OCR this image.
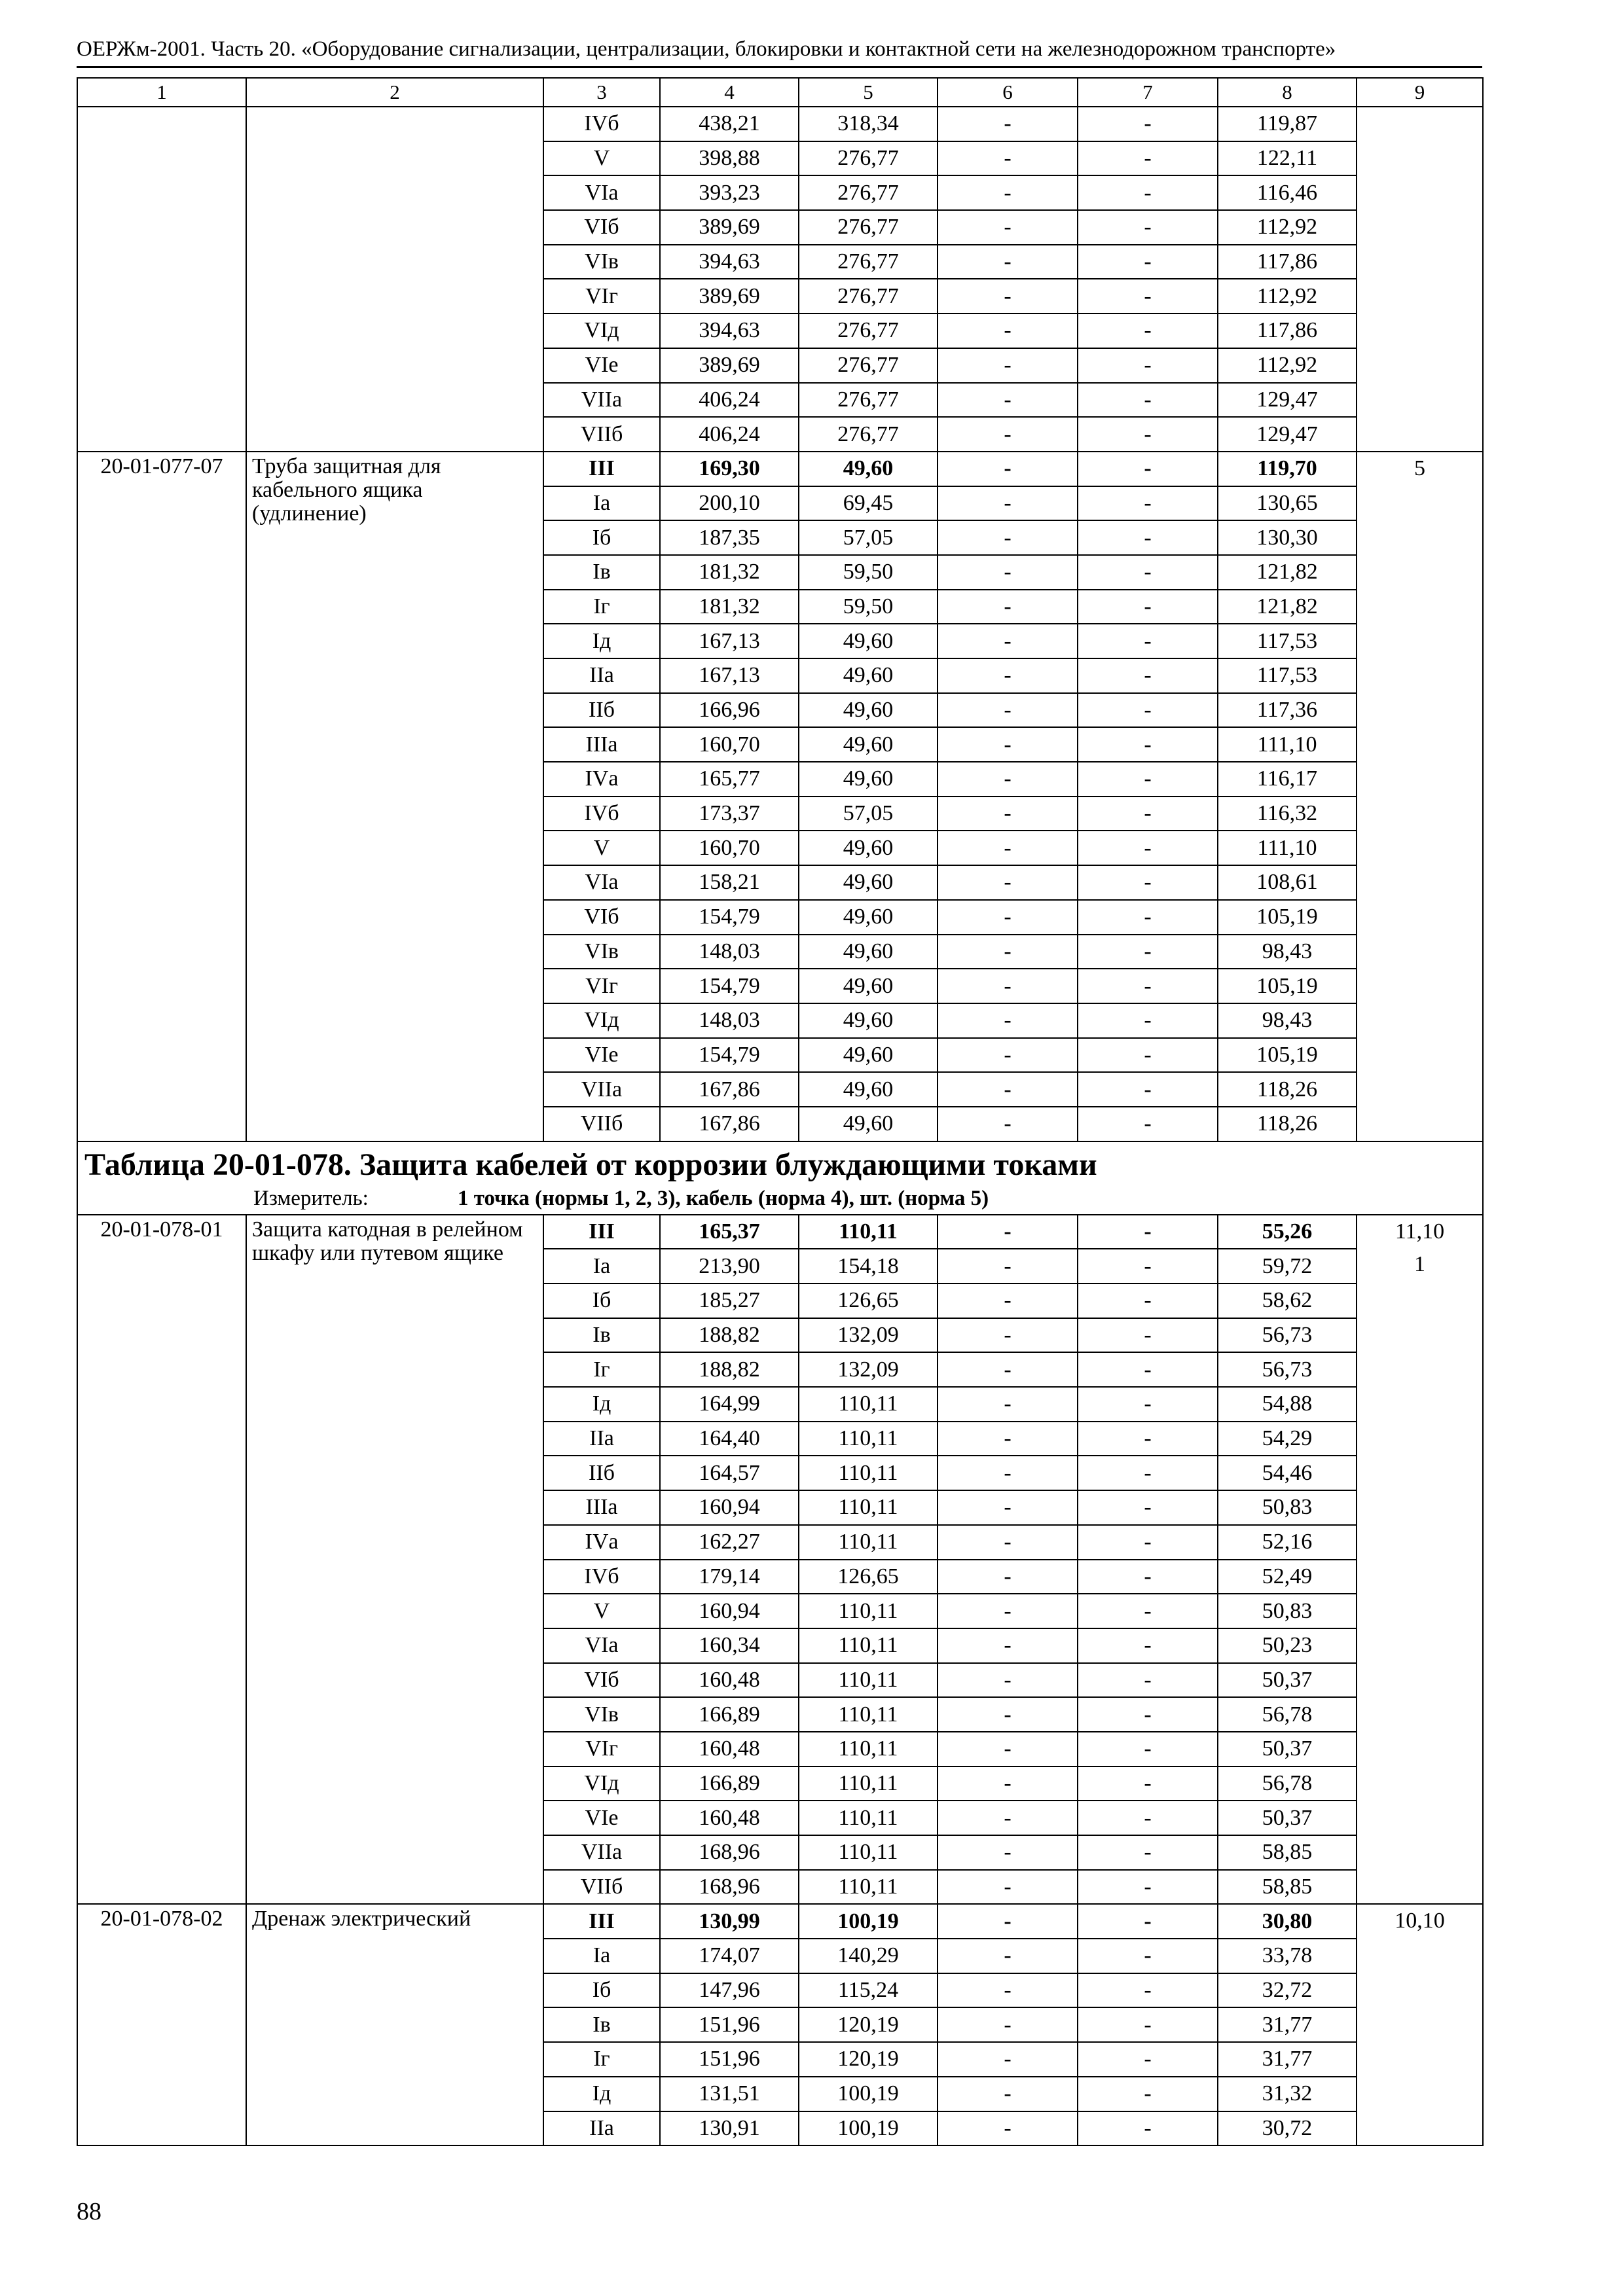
ОЕРЖм-2001. Часть 20. «Оборудование сигнализации, централизации, блокировки и контактной сети на железнодорожном транспорте»
1	2	3	4	5	6	7	8	9
		IVб	438,21	318,34	-	-	119,87	

		V	398,88	276,77	-	-	122,11	
		VIа	393,23	276,77	-	-	116,46	
		VIб	389,69	276,77	-	-	112,92	
		VIв	394,63	276,77	-	-	117,86	
		VIг	389,69	276,77	-	-	112,92	
		VIд	394,63	276,77	-	-	117,86	
		VIе	389,69	276,77	-	-	112,92	
		VIIа	406,24	276,77	-	-	129,47	
		VIIб	406,24	276,77	-	-	129,47	
20-01-077-07	Труба защитная для кабельного ящика (удлинение)	III	169,30	49,60	-	-	119,70	5

		Iа	200,10	69,45	-	-	130,65	
		Iб	187,35	57,05	-	-	130,30	
		Iв	181,32	59,50	-	-	121,82	
		Iг	181,32	59,50	-	-	121,82	
		Iд	167,13	49,60	-	-	117,53	
		IIа	167,13	49,60	-	-	117,53	
		IIб	166,96	49,60	-	-	117,36	
		IIIа	160,70	49,60	-	-	111,10	
		IVа	165,77	49,60	-	-	116,17	
		IVб	173,37	57,05	-	-	116,32	
		V	160,70	49,60	-	-	111,10	
		VIа	158,21	49,60	-	-	108,61	
		VIб	154,79	49,60	-	-	105,19	
		VIв	148,03	49,60	-	-	98,43	
		VIг	154,79	49,60	-	-	105,19	
		VIд	148,03	49,60	-	-	98,43	
		VIе	154,79	49,60	-	-	105,19	
		VIIа	167,86	49,60	-	-	118,26	
		VIIб	167,86	49,60	-	-	118,26	

Таблица 20-01-078. Защита кабелей от коррозии блуждающими токами
Измеритель: 1 точка (нормы 1, 2, 3), кабель (норма 4), шт. (норма 5)								

20-01-078-01	Защита катодная в релейном шкафу или путевом ящике	III	165,37	110,11	-	-	55,26	11,10
1

		Iа	213,90	154,18	-	-	59,72	
		Iб	185,27	126,65	-	-	58,62	
		Iв	188,82	132,09	-	-	56,73	
		Iг	188,82	132,09	-	-	56,73	
		Iд	164,99	110,11	-	-	54,88	
		IIа	164,40	110,11	-	-	54,29	
		IIб	164,57	110,11	-	-	54,46	
		IIIа	160,94	110,11	-	-	50,83	
		IVа	162,27	110,11	-	-	52,16	
		IVб	179,14	126,65	-	-	52,49	
		V	160,94	110,11	-	-	50,83	
		VIа	160,34	110,11	-	-	50,23	
		VIб	160,48	110,11	-	-	50,37	
		VIв	166,89	110,11	-	-	56,78	
		VIг	160,48	110,11	-	-	50,37	
		VIд	166,89	110,11	-	-	56,78	
		VIе	160,48	110,11	-	-	50,37	
		VIIа	168,96	110,11	-	-	58,85	
		VIIб	168,96	110,11	-	-	58,85	
20-01-078-02	Дренаж электрический	III	130,99	100,19	-	-	30,80	10,10

		Iа	174,07	140,29	-	-	33,78	
		Iб	147,96	115,24	-	-	32,72	
		Iв	151,96	120,19	-	-	31,77	
		Iг	151,96	120,19	-	-	31,77	
		Iд	131,51	100,19	-	-	31,32	
		IIа	130,91	100,19	-	-	30,72	
88
